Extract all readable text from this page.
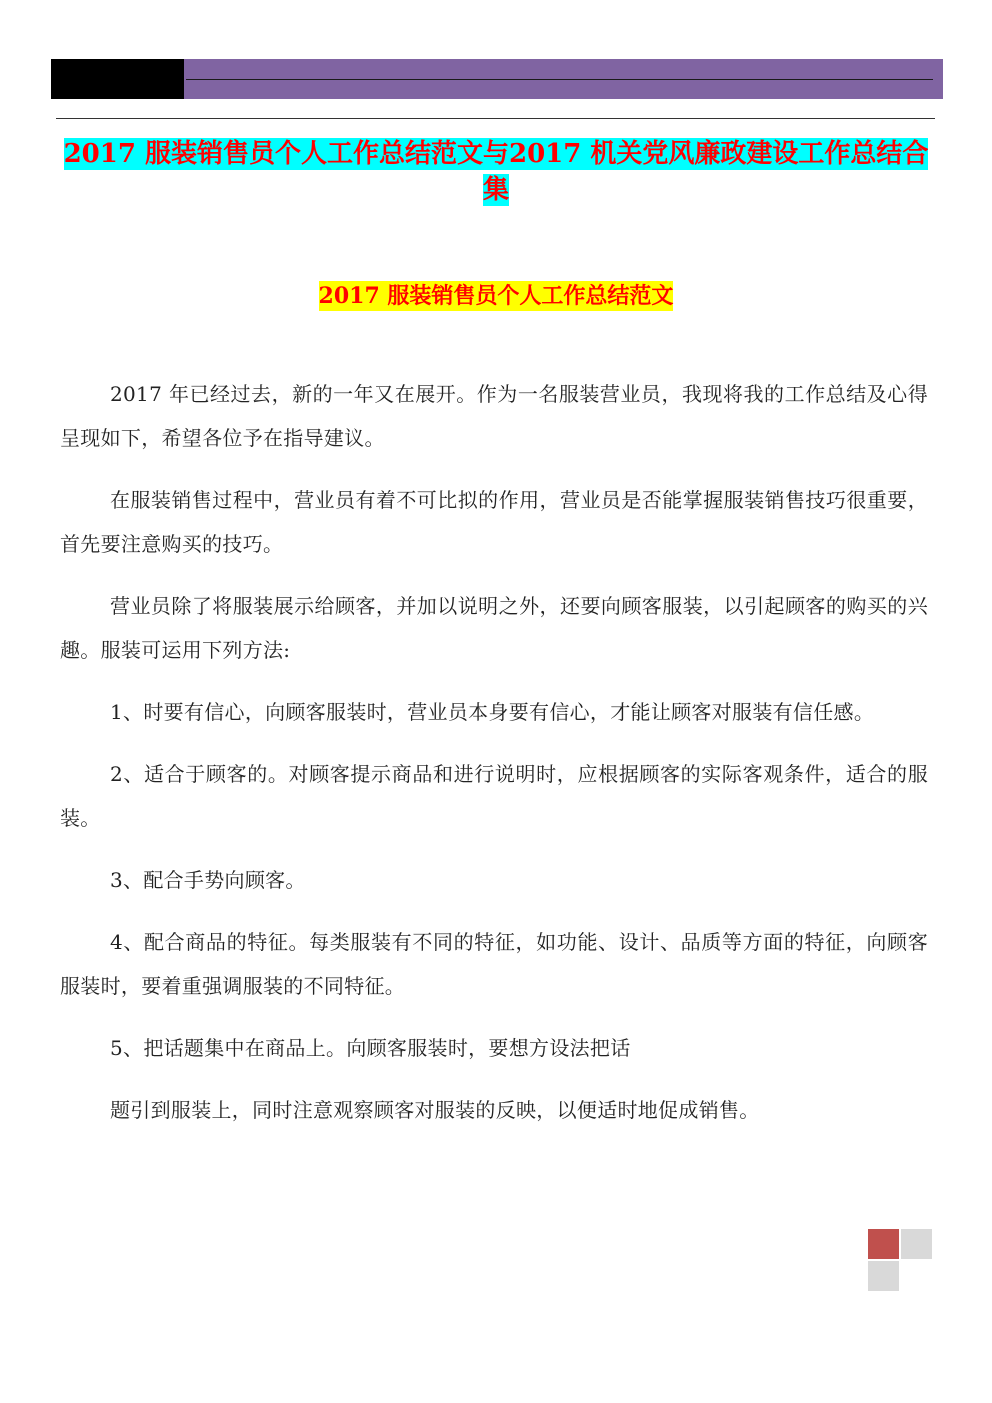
2017 服装销售员个人工作总结范文与2017 机关党风廉政建设工作总结合集
2017 服装销售员个人工作总结范文

2017 年已经过去，新的一年又在展开。作为一名服装营业员，我现将我的工作总结及心得呈现如下，希望各位予在指导建议。

在服装销售过程中，营业员有着不可比拟的作用，营业员是否能掌握服装销售技巧很重要，首先要注意购买的技巧。

营业员除了将服装展示给顾客，并加以说明之外，还要向顾客服装，以引起顾客的购买的兴趣。服装可运用下列方法:

1、时要有信心，向顾客服装时，营业员本身要有信心，才能让顾客对服装有信任感。

2、适合于顾客的。对顾客提示商品和进行说明时，应根据顾客的实际客观条件，适合的服装。

3、配合手势向顾客。

4、配合商品的特征。每类服装有不同的特征，如功能、设计、品质等方面的特征，向顾客服装时，要着重强调服装的不同特征。

5、把话题集中在商品上。向顾客服装时，要想方设法把话

题引到服装上，同时注意观察顾客对服装的反映，以便适时地促成销售。
